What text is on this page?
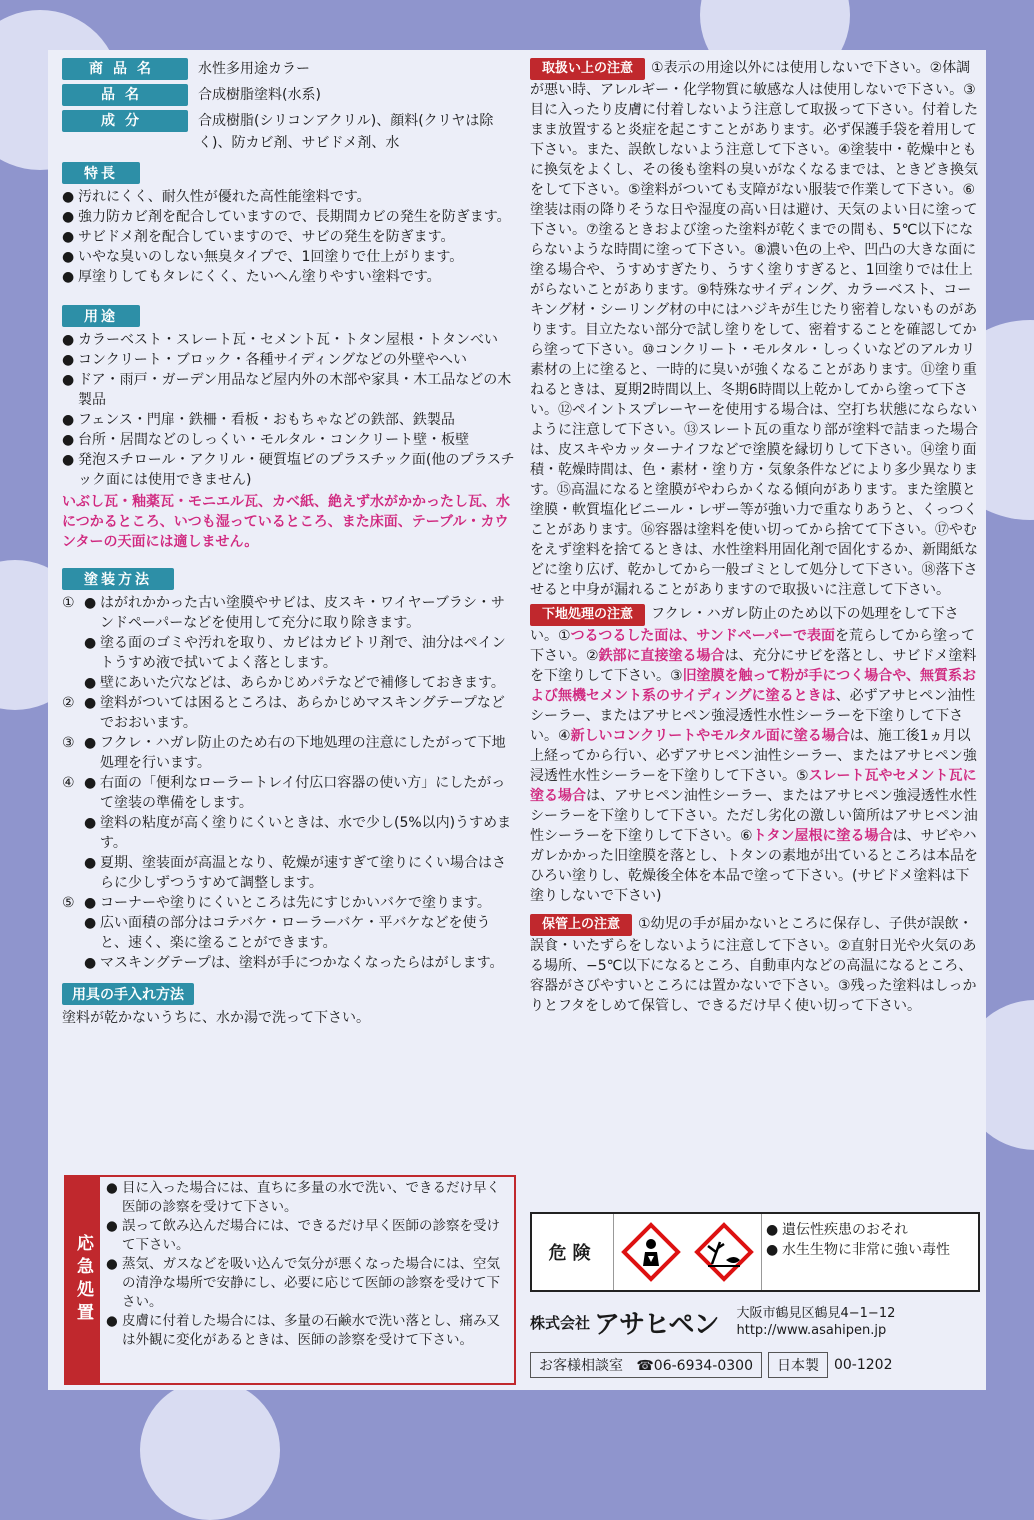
商品名	水性多用途カラー
品名	合成樹脂塗料(水系)
成分	合成樹脂(シリコンアクリル)、顔料(クリヤは除く)、防カビ剤、サビドメ剤、水
特長
● 汚れにくく、耐久性が優れた高性能塗料です。
● 強力防カビ剤を配合していますので、長期間カビの発生を防ぎます。
● サビドメ剤を配合していますので、サビの発生を防ぎます。
● いやな臭いのしない無臭タイプで、1回塗りで仕上がります。
● 厚塗りしてもタレにくく、たいへん塗りやすい塗料です。
用途
● カラーベスト・スレート瓦・セメント瓦・トタン屋根・トタンべい
● コンクリート・ブロック・各種サイディングなどの外壁やへい
● ドア・雨戸・ガーデン用品など屋内外の木部や家具・木工品などの木製品
● フェンス・門扉・鉄柵・看板・おもちゃなどの鉄部、鉄製品
● 台所・居間などのしっくい・モルタル・コンクリート壁・板壁
● 発泡スチロール・アクリル・硬質塩ビのプラスチック面(他のプラスチック面には使用できません)
いぶし瓦・釉薬瓦・モニエル瓦、カベ紙、絶えず水がかかったし瓦、水につかるところ、いつも湿っているところ、また床面、テーブル・カウンターの天面には適しません。
塗装方法
① ● はがれかかった古い塗膜やサビは、皮スキ・ワイヤーブラシ・サンドペーパーなどを使用して充分に取り除きます。
● 塗る面のゴミや汚れを取り、カビはカビトリ剤で、油分はペイントうすめ液で拭いてよく落とします。
● 壁にあいた穴などは、あらかじめパテなどで補修しておきます。
② ● 塗料がついては困るところは、あらかじめマスキングテープなどでおおいます。
③ ● フクレ・ハガレ防止のため右の下地処理の注意にしたがって下地処理を行います。
④ ● 右面の「便利なローラートレイ付広口容器の使い方」にしたがって塗装の準備をします。
● 塗料の粘度が高く塗りにくいときは、水で少し(5%以内)うすめます。
● 夏期、塗装面が高温となり、乾燥が速すぎて塗りにくい場合はさらに少しずつうすめて調整します。
⑤ ● コーナーや塗りにくいところは先にすじかいバケで塗ります。
● 広い面積の部分はコテバケ・ローラーバケ・平バケなどを使うと、速く、楽に塗ることができます。
● マスキングテープは、塗料が手につかなくなったらはがします。
用具の手入れ方法
塗料が乾かないうちに、水か湯で洗って下さい。
応急処置
● 目に入った場合には、直ちに多量の水で洗い、できるだけ早く医師の診察を受けて下さい。
● 誤って飲み込んだ場合には、できるだけ早く医師の診察を受けて下さい。
● 蒸気、ガスなどを吸い込んで気分が悪くなった場合には、空気の清浄な場所で安静にし、必要に応じて医師の診察を受けて下さい。
● 皮膚に付着した場合には、多量の石鹸水で洗い落とし、痛み又は外観に変化があるときは、医師の診察を受けて下さい。
取扱い上の注意 ①表示の用途以外には使用しないで下さい。②体調が悪い時、アレルギー・化学物質に敏感な人は使用しないで下さい。③目に入ったり皮膚に付着しないよう注意して取扱って下さい。付着したまま放置すると炎症を起こすことがあります。必ず保護手袋を着用して下さい。また、誤飲しないよう注意して下さい。④塗装中・乾燥中ともに換気をよくし、その後も塗料の臭いがなくなるまでは、ときどき換気をして下さい。⑤塗料がついても支障がない服装で作業して下さい。⑥塗装は雨の降りそうな日や湿度の高い日は避け、天気のよい日に塗って下さい。⑦塗るときおよび塗った塗料が乾くまでの間も、5℃以下にならないような時間に塗って下さい。⑧濃い色の上や、凹凸の大きな面に塗る場合や、うすめすぎたり、うすく塗りすぎると、1回塗りでは仕上がらないことがあります。⑨特殊なサイディング、カラーベスト、コーキング材・シーリング材の中にはハジキが生じたり密着しないものがあります。目立たない部分で試し塗りをして、密着することを確認してから塗って下さい。⑩コンクリート・モルタル・しっくいなどのアルカリ素材の上に塗ると、一時的に臭いが強くなることがあります。⑪塗り重ねるときは、夏期2時間以上、冬期6時間以上乾かしてから塗って下さい。⑫ペイントスプレーヤーを使用する場合は、空打ち状態にならないように注意して下さい。⑬スレート瓦の重なり部が塗料で詰まった場合は、皮スキやカッターナイフなどで塗膜を縁切りして下さい。⑭塗り面積・乾燥時間は、色・素材・塗り方・気象条件などにより多少異なります。⑮高温になると塗膜がやわらかくなる傾向があります。また塗膜と塗膜・軟質塩化ビニール・レザー等が強い力で重なりあうと、くっつくことがあります。⑯容器は塗料を使い切ってから捨てて下さい。⑰やむをえず塗料を捨てるときは、水性塗料用固化剤で固化するか、新聞紙などに塗り広げ、乾かしてから一般ゴミとして処分して下さい。⑱落下させると中身が漏れることがありますので取扱いに注意して下さい。
下地処理の注意 フクレ・ハガレ防止のため以下の処理をして下さい。①つるつるした面は、サンドペーパーで表面を荒らしてから塗って下さい。②鉄部に直接塗る場合は、充分にサビを落とし、サビドメ塗料を下塗りして下さい。③旧塗膜を触って粉が手につく場合や、無質系および無機セメント系のサイディングに塗るときは、必ずアサヒペン油性シーラー、またはアサヒペン強浸透性水性シーラーを下塗りして下さい。④新しいコンクリートやモルタル面に塗る場合は、施工後1ヵ月以上経ってから行い、必ずアサヒペン油性シーラー、またはアサヒペン強浸透性水性シーラーを下塗りして下さい。⑤スレート瓦やセメント瓦に塗る場合は、アサヒペン油性シーラー、またはアサヒペン強浸透性水性シーラーを下塗りして下さい。ただし劣化の激しい箇所はアサヒペン油性シーラーを下塗りして下さい。⑥トタン屋根に塗る場合は、サビやハガレかかった旧塗膜を落とし、トタンの素地が出ているところは本品をひろい塗りし、乾燥後全体を本品で塗って下さい。(サビドメ塗料は下塗りしないで下さい)
保管上の注意 ①幼児の手が届かないところに保存し、子供が誤飲・誤食・いたずらをしないように注意して下さい。②直射日光や火気のある場所、−5℃以下になるところ、自動車内などの高温になるところ、容器がさびやすいところには置かないで下さい。③残った塗料はしっかりとフタをしめて保管し、できるだけ早く使い切って下さい。
危険
● 遺伝性疾患のおそれ
● 水生生物に非常に強い毒性
株式会社 アサヒペン 大阪市鶴見区鶴見4−1−12
http://www.asahipen.jp
お客様相談室 ☎06-6934-0300	日本製	00-1202
